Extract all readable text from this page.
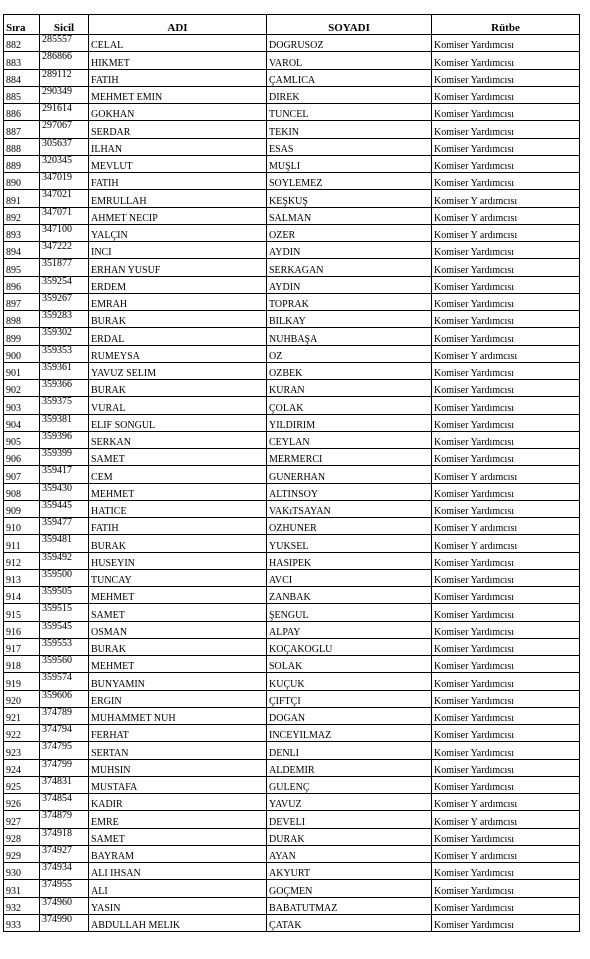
Sıra	Sicil	ADI	SOYADI	Rütbe
882	285557	CELAL	DOGRUSOZ	Komiser Yardımcısı
883	286866	HIKMET	VAROL	Komiser Yardımcısı
884	289112	FATIH	ÇAMLICA	Komiser Yardımcısı
885	290349	MEHMET EMIN	DIREK	Komiser Yardımcısı
886	291614	GOKHAN	TUNCEL	Komiser Yardımcısı
887	297067	SERDAR	TEKIN	Komiser Yardımcısı
888	305637	ILHAN	ESAS	Komiser Yardımcısı
889	320345	MEVLUT	MUŞLI	Komiser Yardımcısı
890	347019	FATIH	SOYLEMEZ	Komiser Yardımcısı
891	347021	EMRULLAH	KEŞKUŞ	Komiser Y ardımcısı
892	347071	AHMET NECIP	SALMAN	Komiser Y ardımcısı
893	347100	YALÇIN	OZER	Komiser Y ardımcısı
894	347222	INCI	AYDIN	Komiser Yardımcısı
895	351877	ERHAN YUSUF	SERKAGAN	Komiser Yardımcısı
896	359254	ERDEM	AYDIN	Komiser Yardımcısı
897	359267	EMRAH	TOPRAK	Komiser Yardımcısı
898	359283	BURAK	BILKAY	Komiser Yardımcısı
899	359302	ERDAL	NUHBAŞA	Komiser Yardımcısı
900	359353	RUMEYSA	OZ	Komiser Y ardımcısı
901	359361	YAVUZ SELIM	OZBEK	Komiser Yardımcısı
902	359366	BURAK	KURAN	Komiser Yardımcısı
903	359375	VURAL	ÇOLAK	Komiser Yardımcısı
904	359381	ELIF SONGUL	YILDIRIM	Komiser Yardımcısı
905	359396	SERKAN	CEYLAN	Komiser Yardımcısı
906	359399	SAMET	MERMERCI	Komiser Yardımcısı
907	359417	CEM	GUNERHAN	Komiser Y ardımcısı
908	359430	MEHMET	ALTINSOY	Komiser Yardımcısı
909	359445	HATICE	VAKıTSAYAN	Komiser Yardımcısı
910	359477	FATIH	OZHUNER	Komiser Y ardımcısı
911	359481	BURAK	YUKSEL	Komiser Y ardımcısı
912	359492	HUSEYIN	HASIPEK	Komiser Yardımcısı
913	359500	TUNCAY	AVCI	Komiser Yardımcısı
914	359505	MEHMET	ZANBAK	Komiser Yardımcısı
915	359515	SAMET	ŞENGUL	Komiser Yardımcısı
916	359545	OSMAN	ALPAY	Komiser Yardımcısı
917	359553	BURAK	KOÇAKOGLU	Komiser Yardımcısı
918	359560	MEHMET	SOLAK	Komiser Yardımcısı
919	359574	BUNYAMIN	KUÇUK	Komiser Yardımcısı
920	359606	ERGIN	ÇIFTÇI	Komiser Yardımcısı
921	374789	MUHAMMET NUH	DOGAN	Komiser Yardımcısı
922	374794	FERHAT	INCEYILMAZ	Komiser Yardımcısı
923	374795	SERTAN	DENLI	Komiser Yardımcısı
924	374799	MUHSIN	ALDEMIR	Komiser Yardımcısı
925	374831	MUSTAFA	GULENÇ	Komiser Yardımcısı
926	374854	KADIR	YAVUZ	Komiser Y ardımcısı
927	374879	EMRE	DEVELI	Komiser Y ardımcısı
928	374918	SAMET	DURAK	Komiser Yardımcısı
929	374927	BAYRAM	AYAN	Komiser Y ardımcısı
930	374934	ALI IHSAN	AKYURT	Komiser Yardımcısı
931	374955	ALI	GOÇMEN	Komiser Yardımcısı
932	374960	YASIN	BABATUTMAZ	Komiser Yardımcısı
933	374990	ABDULLAH MELIK	ÇATAK	Komiser Yardımcısı
